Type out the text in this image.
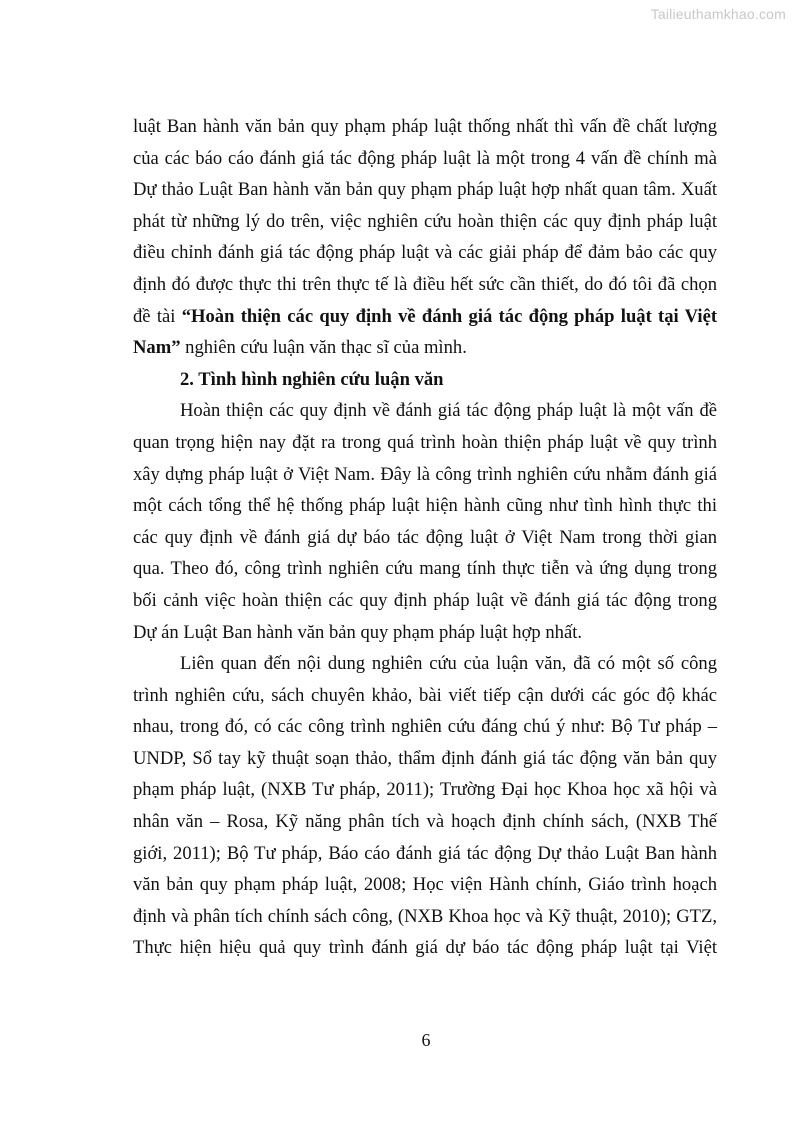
Tailieuthamkhao.com
luật Ban hành văn bản quy phạm pháp luật thống nhất thì vấn đề chất lượng
của các báo cáo đánh giá tác động pháp luật là một trong 4 vấn đề chính mà
Dự thảo Luật Ban hành văn bản quy phạm pháp luật hợp nhất quan tâm. Xuất
phát từ những lý do trên, việc nghiên cứu hoàn thiện các quy định pháp luật
điều chỉnh đánh giá tác động pháp luật và các giải pháp để đảm bảo các quy
định đó được thực thi trên thực tế là điều hết sức cần thiết, do đó tôi đã chọn
đề tài “Hoàn thiện các quy định về đánh giá tác động pháp luật tại Việt
Nam” nghiên cứu luận văn thạc sĩ của mình.
2. Tình hình nghiên cứu luận văn
Hoàn thiện các quy định về đánh giá tác động pháp luật là một vấn đề
quan trọng hiện nay đặt ra trong quá trình hoàn thiện pháp luật về quy trình
xây dựng pháp luật ở Việt Nam. Đây là công trình nghiên cứu nhằm đánh giá
một cách tổng thể hệ thống pháp luật hiện hành cũng như tình hình thực thi
các quy định về đánh giá dự báo tác động luật ở Việt Nam trong thời gian
qua. Theo đó, công trình nghiên cứu mang tính thực tiễn và ứng dụng trong
bối cảnh việc hoàn thiện các quy định pháp luật về đánh giá tác động trong
Dự án Luật Ban hành văn bản quy phạm pháp luật hợp nhất.
Liên quan đến nội dung nghiên cứu của luận văn, đã có một số công
trình nghiên cứu, sách chuyên khảo, bài viết tiếp cận dưới các góc độ khác
nhau, trong đó, có các công trình nghiên cứu đáng chú ý như: Bộ Tư pháp –
UNDP, Sổ tay kỹ thuật soạn thảo, thẩm định đánh giá tác động văn bản quy
phạm pháp luật, (NXB Tư pháp, 2011); Trường Đại học Khoa học xã hội và
nhân văn – Rosa, Kỹ năng phân tích và hoạch định chính sách, (NXB Thế
giới, 2011); Bộ Tư pháp, Báo cáo đánh giá tác động Dự thảo Luật Ban hành
văn bản quy phạm pháp luật, 2008; Học viện Hành chính, Giáo trình hoạch
định và phân tích chính sách công, (NXB Khoa học và Kỹ thuật, 2010); GTZ,
Thực hiện hiệu quả quy trình đánh giá dự báo tác động pháp luật tại Việt
6
